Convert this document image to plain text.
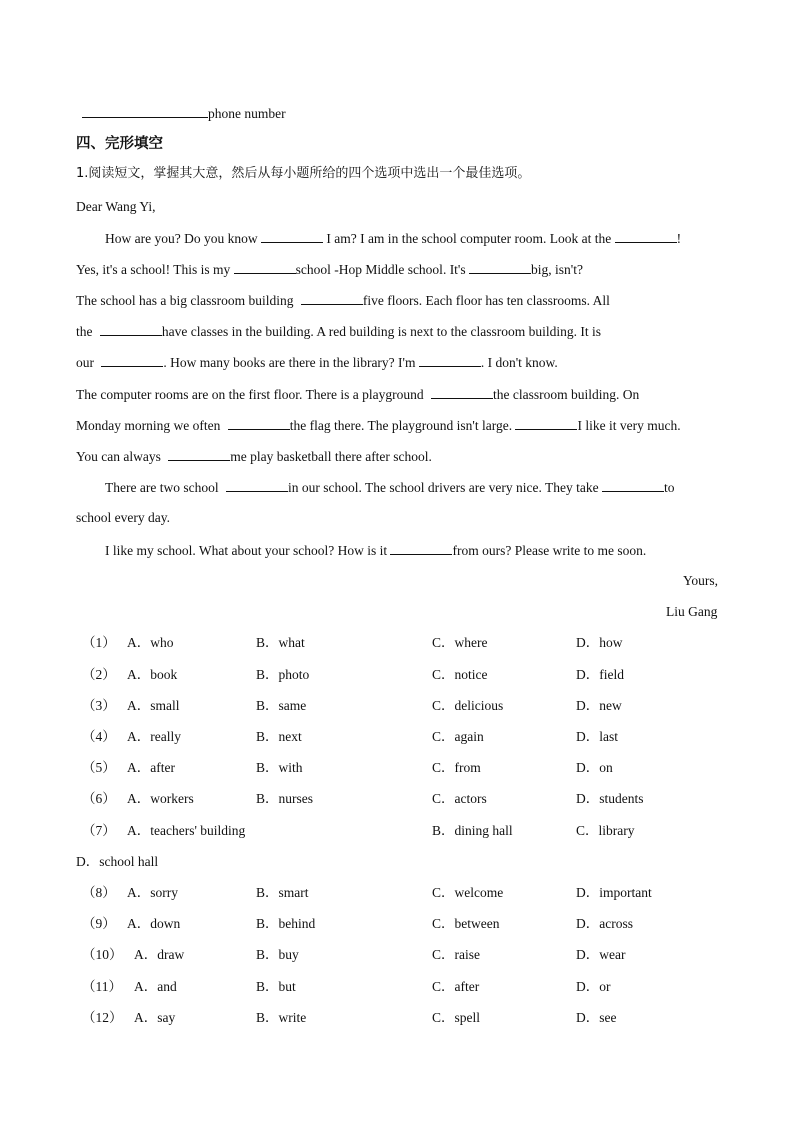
phone number
四、完形填空
1.阅读短文，掌握其大意，然后从每小题所给的四个选项中选出一个最佳选项。
Dear Wang Yi,
How are you? Do you know	I am? I am in the school computer room. Look at the	!
Yes, it's a school! This is my	school -Hop Middle school. It's	big, isn't?
The school has a big classroom building	five floors. Each floor has ten classrooms. All
the	have classes in the building. A red building is next to the classroom building. It is
our	. How many books are there in the library? I'm	. I don't know.
The computer rooms are on the first floor. There is a playground	the classroom building. On
Monday morning we often	the flag there. The playground isn't large.	I like it very much.
You can always	me play basketball there after school.
There are two school	in our school. The school drivers are very nice. They take	to
school every day.
I like my school. What about your school? How is it	from ours? Please write to me soon.
Yours,
Liu Gang
（1） A．who	B．what	C．where	D．how
（2） A．book	B．photo	C．notice	D．field
（3） A．small	B．same	C．delicious	D．new
（4） A．really	B．next	C．again	D．last
（5） A．after	B．with	C．from	D．on
（6） A．workers	B．nurses	C．actors	D．students
（7） A．teachers' building	B．dining hall	C．library
D．school hall
（8） A．sorry	B．smart	C．welcome	D．important
（9） A．down	B．behind	C．between	D．across
（10） A．draw	B．buy	C．raise	D．wear
（11） A．and	B．but	C．after	D．or
（12） A．say	B．write	C．spell	D．see
